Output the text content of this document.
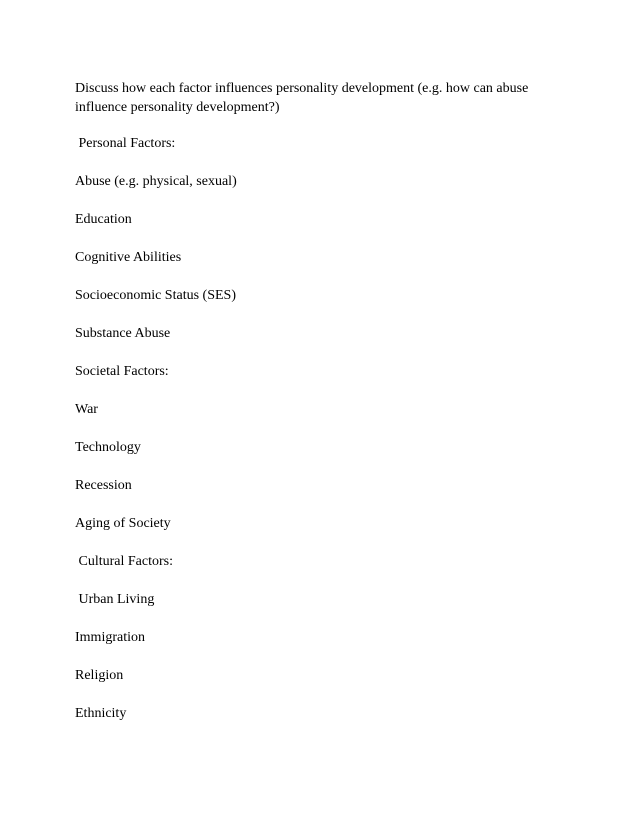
Discuss how each factor influences personality development (e.g. how can abuse influence personality development?)

Personal Factors:

Abuse (e.g. physical, sexual)

Education

Cognitive Abilities

Socioeconomic Status (SES)

Substance Abuse

Societal Factors:

War

Technology

Recession

Aging of Society

Cultural Factors:

Urban Living

Immigration

Religion

Ethnicity
